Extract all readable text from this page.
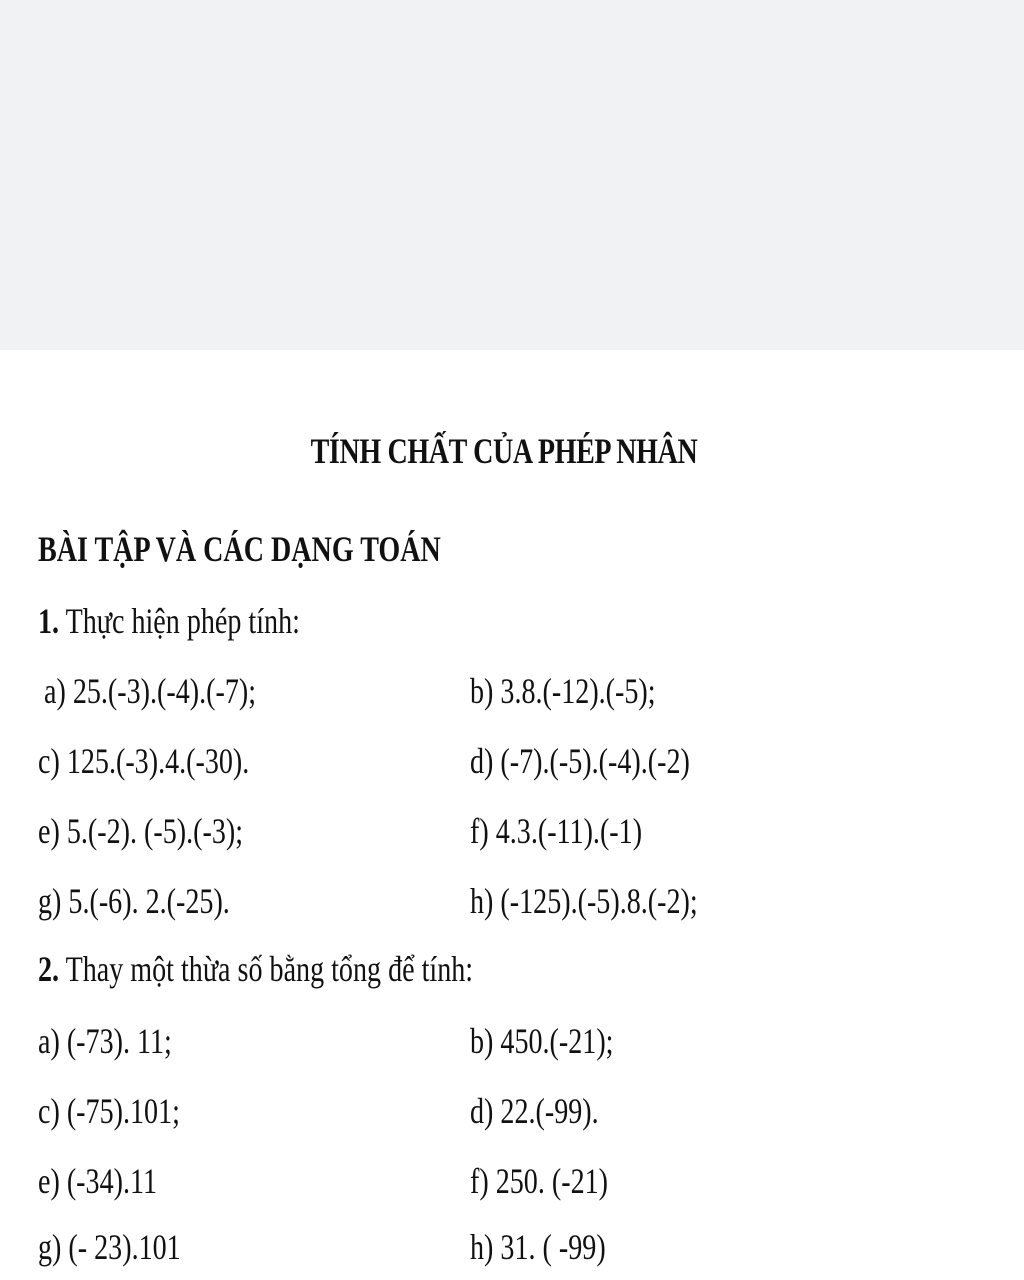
TÍNH CHẤT CỦA PHÉP NHÂN
BÀI TẬP VÀ CÁC DẠNG TOÁN
1. Thực hiện phép tính:
a) 25.(-3).(-4).(-7);	b) 3.8.(-12).(-5);
c) 125.(-3).4.(-30).	d) (-7).(-5).(-4).(-2)
e) 5.(-2). (-5).(-3);	f) 4.3.(-11).(-1)
g) 5.(-6). 2.(-25).	h) (-125).(-5).8.(-2);
2. Thay một thừa số bằng tổng để tính:
a) (-73). 11;	b) 450.(-21);
c) (-75).101;	d) 22.(-99).
e) (-34).11	f) 250. (-21)
g) (- 23).101	h) 31. ( -99)
